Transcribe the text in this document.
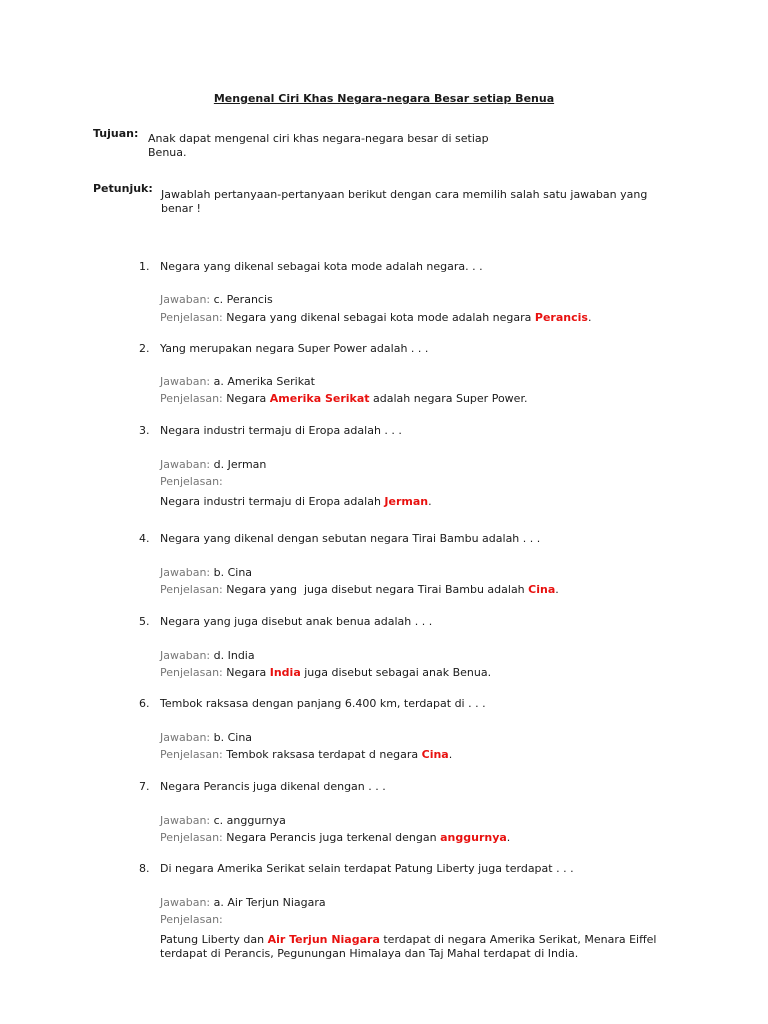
Mengenal Ciri Khas Negara-negara Besar setiap Benua
Tujuan: Anak dapat mengenal ciri khas negara-negara besar di setiap
Benua.
Petunjuk: Jawablah pertanyaan-pertanyaan berikut dengan cara memilih salah satu jawaban yang
benar !
1. Negara yang dikenal sebagai kota mode adalah negara. . .
Jawaban: c. Perancis
Penjelasan: Negara yang dikenal sebagai kota mode adalah negara Perancis.
2. Yang merupakan negara Super Power adalah . . .
Jawaban: a. Amerika Serikat
Penjelasan: Negara Amerika Serikat adalah negara Super Power.
3. Negara industri termaju di Eropa adalah . . .
Jawaban: d. Jerman
Penjelasan:
Negara industri termaju di Eropa adalah Jerman.
4. Negara yang dikenal dengan sebutan negara Tirai Bambu adalah . . .
Jawaban: b. Cina
Penjelasan: Negara yang  juga disebut negara Tirai Bambu adalah Cina.
5. Negara yang juga disebut anak benua adalah . . .
Jawaban: d. India
Penjelasan: Negara India juga disebut sebagai anak Benua.
6. Tembok raksasa dengan panjang 6.400 km, terdapat di . . .
Jawaban: b. Cina
Penjelasan: Tembok raksasa terdapat d negara Cina.
7. Negara Perancis juga dikenal dengan . . .
Jawaban: c. anggurnya
Penjelasan: Negara Perancis juga terkenal dengan anggurnya.
8. Di negara Amerika Serikat selain terdapat Patung Liberty juga terdapat . . .
Jawaban: a. Air Terjun Niagara
Penjelasan:
Patung Liberty dan Air Terjun Niagara terdapat di negara Amerika Serikat, Menara Eiffel
terdapat di Perancis, Pegunungan Himalaya dan Taj Mahal terdapat di India.
